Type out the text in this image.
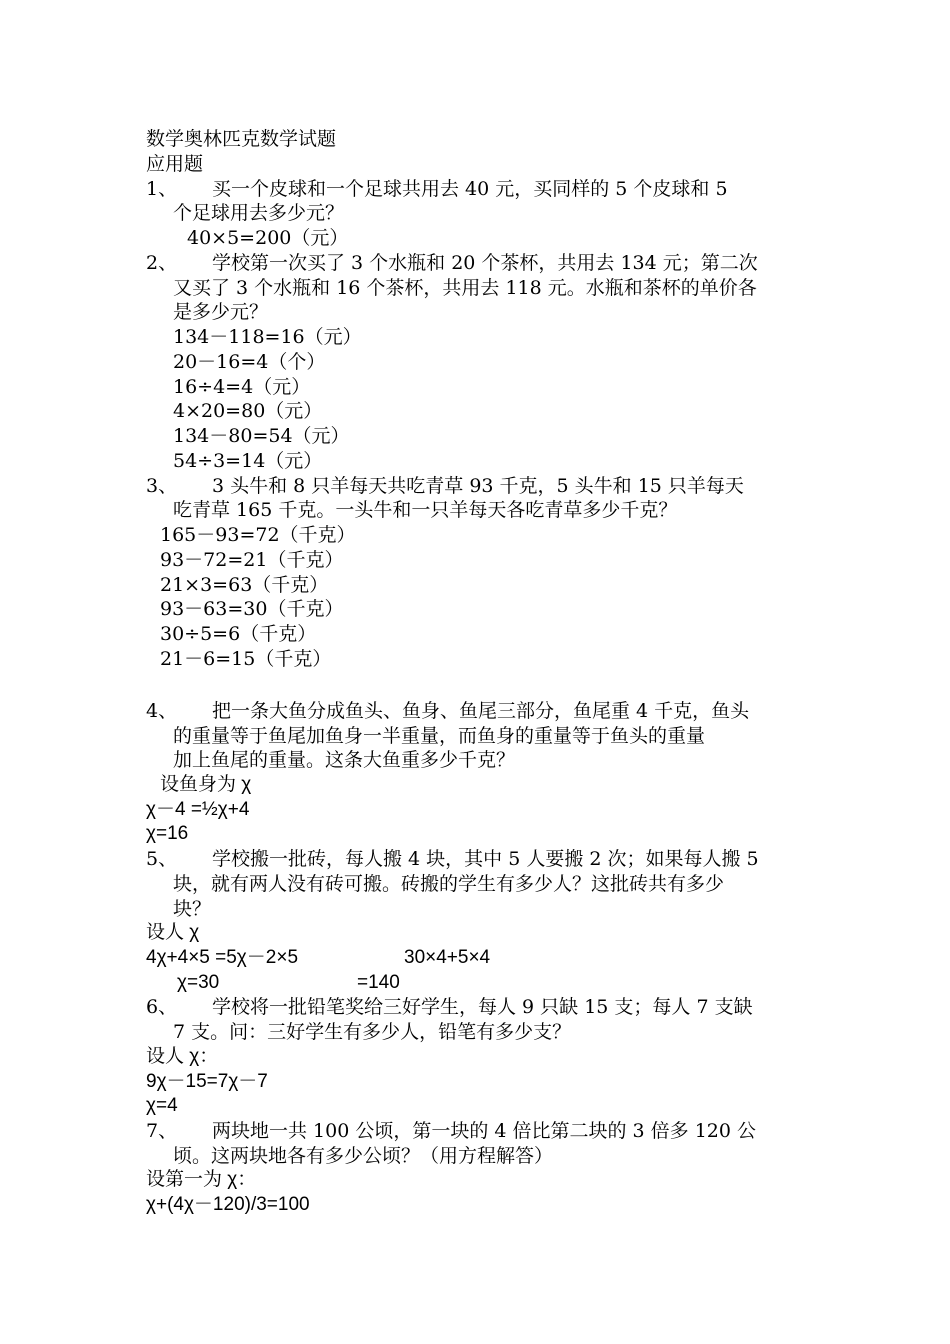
数学奥林匹克数学试题
应用题
1、 买一个皮球和一个足球共用去 40 元，买同样的 5 个皮球和 5
个足球用去多少元？
40×5=200（元）
2、 学校第一次买了 3 个水瓶和 20 个茶杯，共用去 134 元；第二次
又买了 3 个水瓶和 16 个茶杯，共用去 118 元。水瓶和茶杯的单价各
是多少元？
134－118=16（元）
20－16=4（个）
16÷4=4（元）
4×20=80（元）
134－80=54（元）
54÷3=14（元）
3、 3 头牛和 8 只羊每天共吃青草 93 千克，5 头牛和 15 只羊每天
吃青草 165 千克。一头牛和一只羊每天各吃青草多少千克？
165－93=72（千克）
93－72=21（千克）
21×3=63（千克）
93－63=30（千克）
30÷5=6（千克）
21－6=15（千克）
4、 把一条大鱼分成鱼头、鱼身、鱼尾三部分，鱼尾重 4 千克，鱼头
的重量等于鱼尾加鱼身一半重量，而鱼身的重量等于鱼头的重量
加上鱼尾的重量。这条大鱼重多少千克？
设鱼身为 χ
χ－4 =½χ+4
χ=16
5、 学校搬一批砖，每人搬 4 块，其中 5 人要搬 2 次；如果每人搬 5
块，就有两人没有砖可搬。砖搬的学生有多少人？这批砖共有多少
块？
设人 χ
4χ+4×5 =5χ－2×5	30×4+5×4
χ=30	=140
6、 学校将一批铅笔奖给三好学生，每人 9 只缺 15 支；每人 7 支缺
7 支。问：三好学生有多少人，铅笔有多少支？
设人 χ：
9χ－15=7χ－7
χ=4
7、 两块地一共 100 公顷，第一块的 4 倍比第二块的 3 倍多 120 公
顷。这两块地各有多少公顷？（用方程解答）
设第一为 χ：
χ+(4χ－120)/3=100
